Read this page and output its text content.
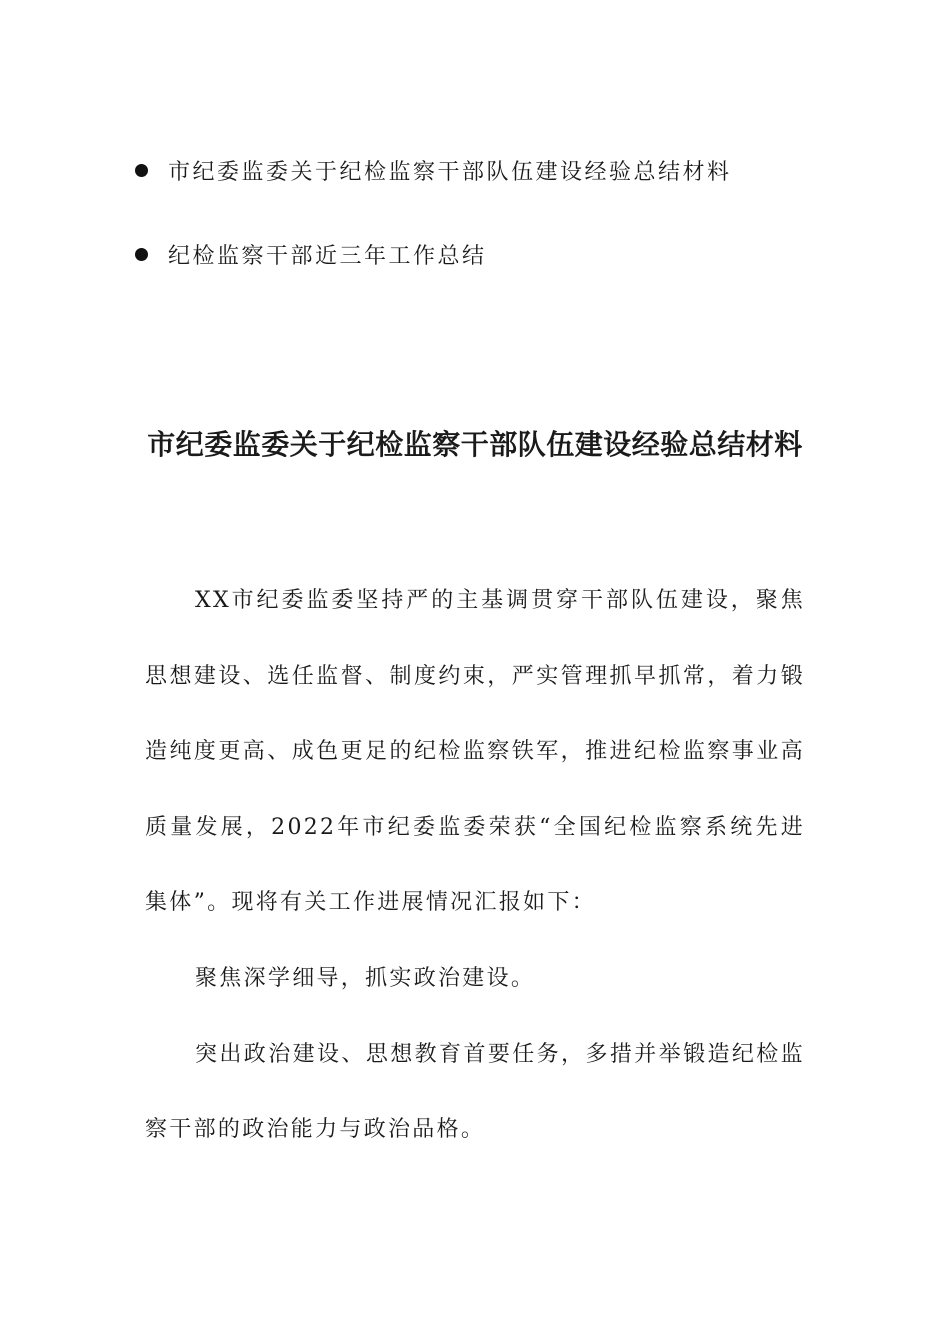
市纪委监委关于纪检监察干部队伍建设经验总结材料
纪检监察干部近三年工作总结
市纪委监委关于纪检监察干部队伍建设经验总结材料

XX市纪委监委坚持严的主基调贯穿干部队伍建设，聚焦思想建设、选任监督、制度约束，严实管理抓早抓常，着力锻造纯度更高、成色更足的纪检监察铁军，推进纪检监察事业高质量发展，2022年市纪委监委荣获“全国纪检监察系统先进集体”。现将有关工作进展情况汇报如下：

聚焦深学细导，抓实政治建设。

突出政治建设、思想教育首要任务，多措并举锻造纪检监察干部的政治能力与政治品格。
